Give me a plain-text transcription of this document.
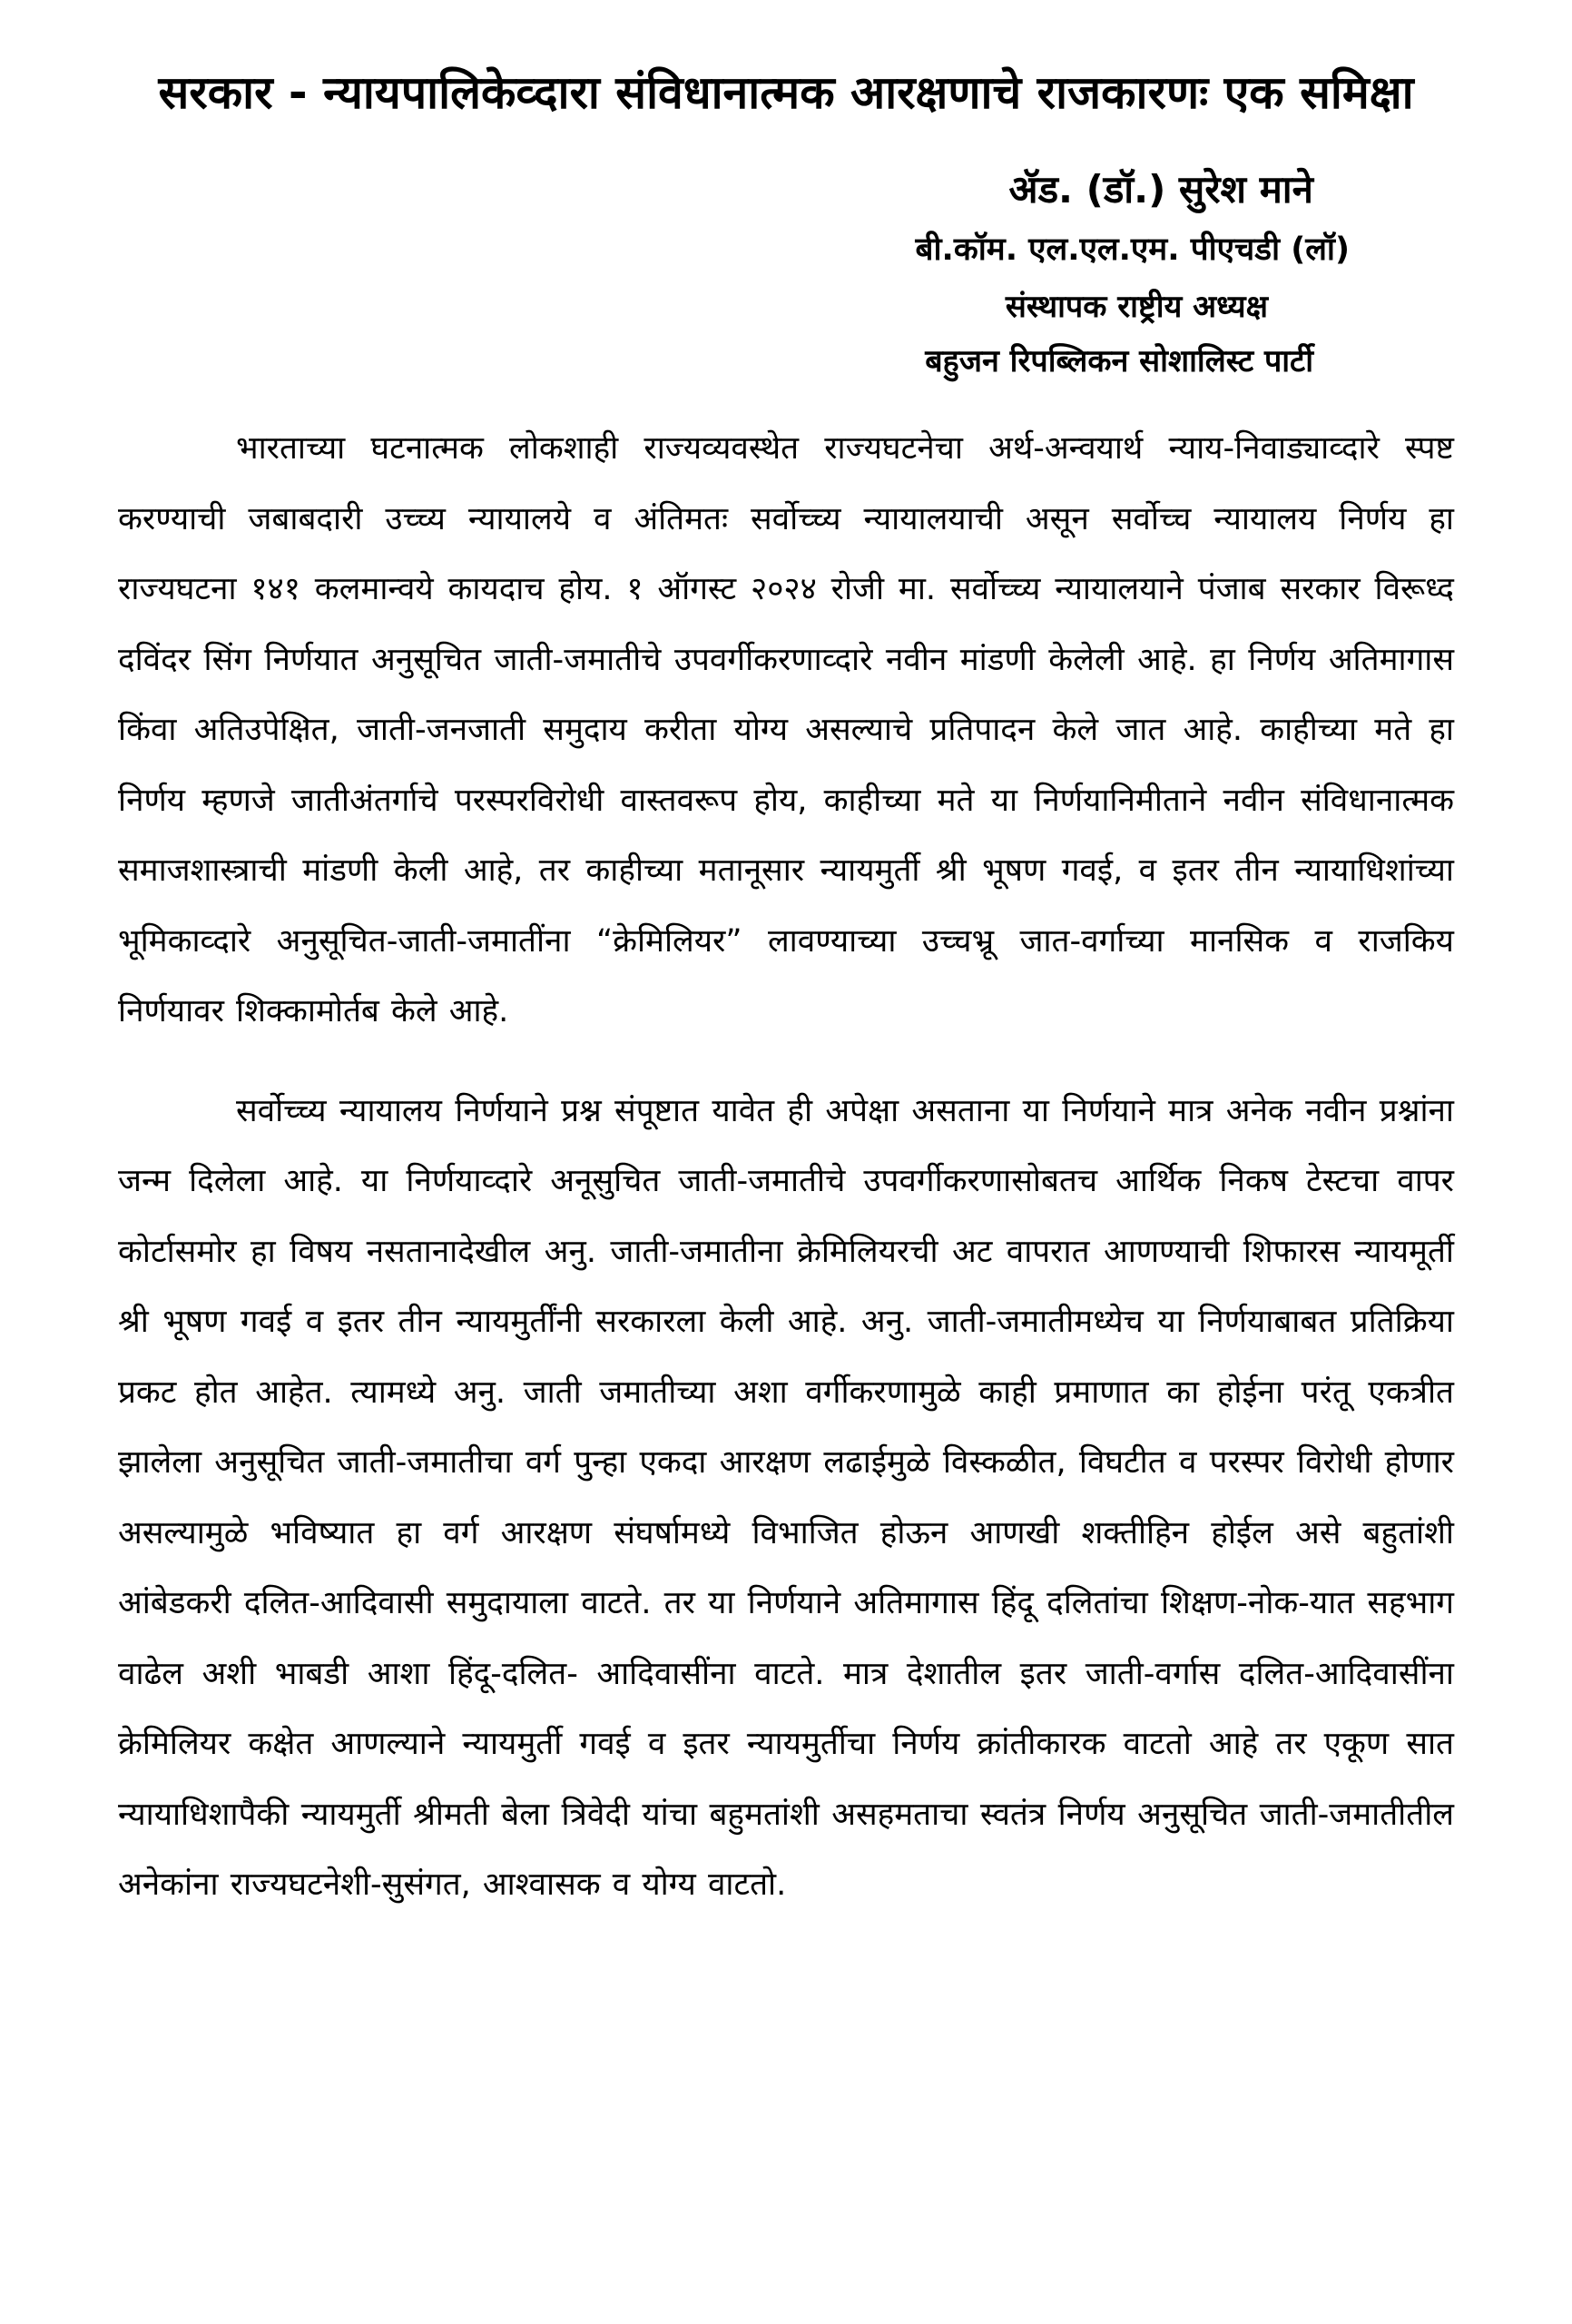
सरकार - न्यायपालिकेव्दारा संविधानात्मक आरक्षणाचे राजकारणः एक समिक्षा
ॲड. (डॉ.) सुरेश माने
बी.कॉम. एल.एल.एम. पीएचडी (लॉ)
संस्थापक राष्ट्रीय अध्यक्ष
बहुजन रिपब्लिकन सोशालिस्ट पार्टी

भारताच्या घटनात्मक लोकशाही राज्यव्यवस्थेत राज्यघटनेचा अर्थ-अन्वयार्थ न्याय-निवाड्याव्दारे स्पष्ट करण्याची जबाबदारी उच्च्य न्यायालये व अंतिमतः सर्वोच्च्य न्यायालयाची असून सर्वोच्च न्यायालय निर्णय हा राज्यघटना १४१ कलमान्वये कायदाच होय. १ ऑगस्ट २०२४ रोजी मा. सर्वोच्च्य न्यायालयाने पंजाब सरकार विरूध्द दविंदर सिंग निर्णयात अनुसूचित जाती-जमातीचे उपवर्गीकरणाव्दारे नवीन मांडणी केलेली आहे. हा निर्णय अतिमागास किंवा अतिउपेक्षित, जाती-जनजाती समुदाय करीता योग्य असल्याचे प्रतिपादन केले जात आहे. काहीच्या मते हा निर्णय म्हणजे जातीअंतर्गाचे परस्परविरोधी वास्तवरूप होय, काहीच्या मते या निर्णयानिमीताने नवीन संविधानात्मक समाजशास्त्राची मांडणी केली आहे, तर काहीच्या मतानूसार न्यायमुर्ती श्री भूषण गवई, व इतर तीन न्यायाधिशांच्या भूमिकाव्दारे अनुसूचित-जाती-जमातींना “क्रेमिलियर” लावण्याच्या उच्चभ्रू जात-वर्गाच्या मानसिक व राजकिय निर्णयावर शिक्कामोर्तब केले आहे.

सर्वोच्च्य न्यायालय निर्णयाने प्रश्न संपूष्टात यावेत ही अपेक्षा असताना या निर्णयाने मात्र अनेक नवीन प्रश्नांना जन्म दिलेला आहे. या निर्णयाव्दारे अनूसुचित जाती-जमातीचे उपवर्गीकरणासोबतच आर्थिक निकष टेस्टचा वापर कोर्टासमोर हा विषय नसतानादेखील अनु. जाती-जमातीना क्रेमिलियरची अट वापरात आणण्याची शिफारस न्यायमूर्ती श्री भूषण गवई व इतर तीन न्यायमुर्तींनी सरकारला केली आहे. अनु. जाती-जमातीमध्येच या निर्णयाबाबत प्रतिक्रिया प्रकट होत आहेत. त्यामध्ये अनु. जाती जमातीच्या अशा वर्गीकरणामुळे काही प्रमाणात का होईना परंतू एकत्रीत झालेला अनुसूचित जाती-जमातीचा वर्ग पुन्हा एकदा आरक्षण लढाईमुळे विस्कळीत, विघटीत व परस्पर विरोधी होणार असल्यामुळे भविष्यात हा वर्ग आरक्षण संघर्षामध्ये विभाजित होऊन आणखी शक्तीहिन होईल असे बहुतांशी आंबेडकरी दलित-आदिवासी समुदायाला वाटते. तर या निर्णयाने अतिमागास हिंदू दलितांचा शिक्षण-नोक-यात सहभाग वाढेल अशी भाबडी आशा हिंदू-दलित- आदिवासींना वाटते. मात्र देशातील इतर जाती-वर्गास दलित-आदिवासींना क्रेमिलियर कक्षेत आणल्याने न्यायमुर्ती गवई व इतर न्यायमुर्तीचा निर्णय क्रांतीकारक वाटतो आहे तर एकूण सात न्यायाधिशापैकी न्यायमुर्ती श्रीमती बेला त्रिवेदी यांचा बहुमतांशी असहमताचा स्वतंत्र निर्णय अनुसूचित जाती-जमातीतील अनेकांना राज्यघटनेशी-सुसंगत, आश्वासक व योग्य वाटतो.
